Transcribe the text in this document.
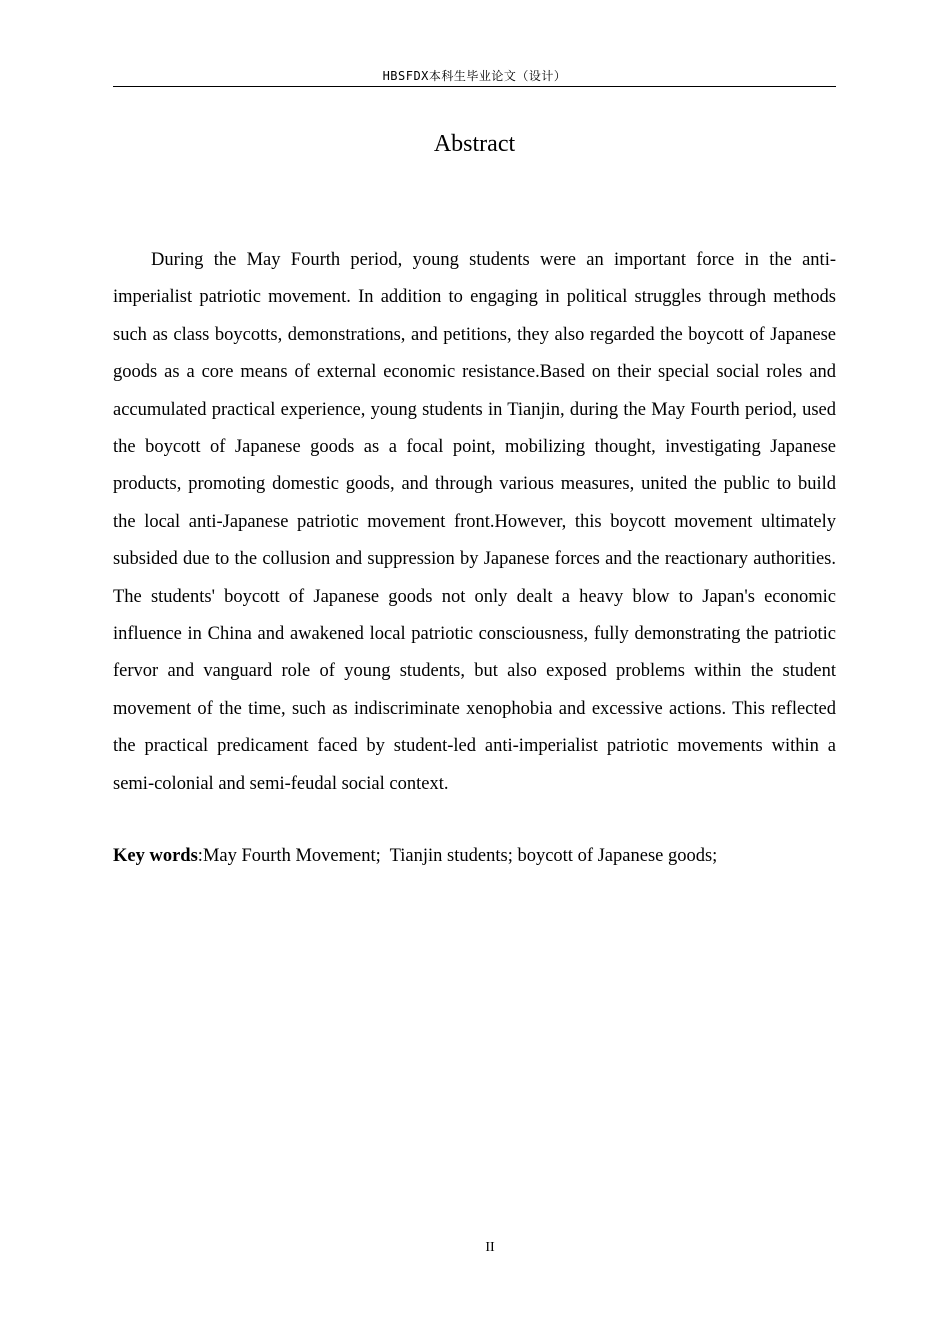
HBSFDX本科生毕业论文（设计）
Abstract

During the May Fourth period, young students were an important force in the anti-imperialist patriotic movement. In addition to engaging in political struggles through methods such as class boycotts, demonstrations, and petitions, they also regarded the boycott of Japanese goods as a core means of external economic resistance.Based on their special social roles and accumulated practical experience, young students in Tianjin, during the May Fourth period, used the boycott of Japanese goods as a focal point, mobilizing thought, investigating Japanese products, promoting domestic goods, and through various measures, united the public to build the local anti-Japanese patriotic movement front.However, this boycott movement ultimately subsided due to the collusion and suppression by Japanese forces and the reactionary authorities. The students' boycott of Japanese goods not only dealt a heavy blow to Japan's economic influence in China and awakened local patriotic consciousness, fully demonstrating the patriotic fervor and vanguard role of young students, but also exposed problems within the student movement of the time, such as indiscriminate xenophobia and excessive actions. This reflected the practical predicament faced by student-led anti-imperialist patriotic movements within a semi-colonial and semi-feudal social context.

Key words:May Fourth Movement;  Tianjin students; boycott of Japanese goods;

II
